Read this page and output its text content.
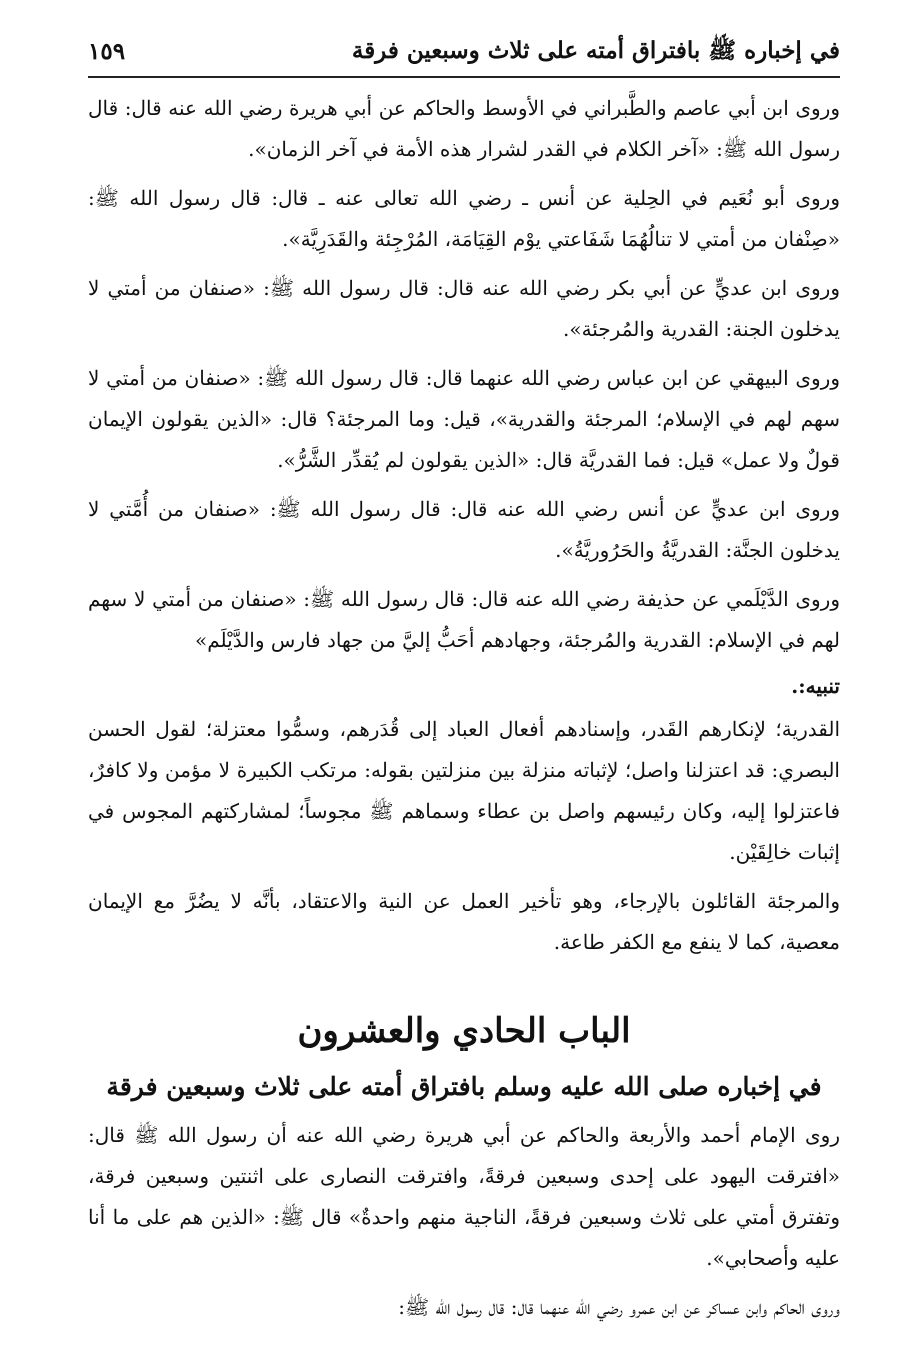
في إخباره ﷺ بافتراق أمته على ثلاث وسبعين فرقة
١٥٩

وروى ابن أبي عاصم والطَّبراني في الأوسط والحاكم عن أبي هريرة رضي الله عنه قال: قال رسول الله ﷺ: «آخر الكلام في القدر لشرار هذه الأمة في آخر الزمان».

وروى أبو نُعَيم في الحِلية عن أنس ـ رضي الله تعالى عنه ـ قال: قال رسول الله ﷺ: «صِنْفان من أمتي لا تنالُهُمَا شَفَاعتي يوْم القِيَامَة، المُرْجِئة والقَدَرِيَّة».

وروى ابن عديٍّ عن أبي بكر رضي الله عنه قال: قال رسول الله ﷺ: «صنفان من أمتي لا يدخلون الجنة: القدرية والمُرجئة».

وروى البيهقي عن ابن عباس رضي الله عنهما قال: قال رسول الله ﷺ: «صنفان من أمتي لا سهم لهم في الإسلام؛ المرجئة والقدرية»، قيل: وما المرجئة؟ قال: «الذين يقولون الإيمان قولٌ ولا عمل» قيل: فما القدريَّة قال: «الذين يقولون لم يُقدِّر الشَّرُّ».

وروى ابن عديٍّ عن أنس رضي الله عنه قال: قال رسول الله ﷺ: «صنفان من أُمَّتي لا يدخلون الجنَّة: القدريَّةُ والحَرُوريَّةُ».

وروى الدَّيْلَمي عن حذيفة رضي الله عنه قال: قال رسول الله ﷺ: «صنفان من أمتي لا سهم لهم في الإسلام: القدرية والمُرجئة، وجهادهم أحَبُّ إليَّ من جهاد فارس والدَّيْلَم»

تنبيه:.

القدرية؛ لإنكارهم القَدر، وإسنادهم أفعال العباد إلى قُدَرهم، وسمُّوا معتزلة؛ لقول الحسن البصري: قد اعتزلنا واصل؛ لإثباته منزلة بين منزلتين بقوله: مرتكب الكبيرة لا مؤمن ولا كافرٌ، فاعتزلوا إليه، وكان رئيسهم واصل بن عطاء وسماهم ﷺ مجوساً؛ لمشاركتهم المجوس في إثبات خالِقَيْن.

والمرجئة القائلون بالإرجاء، وهو تأخير العمل عن النية والاعتقاد، بأنَّه لا يضُرَّ مع الإيمان معصية، كما لا ينفع مع الكفر طاعة.

الباب الحادي والعشرون
في إخباره صلى الله عليه وسلم بافتراق أمته على ثلاث وسبعين فرقة

روى الإمام أحمد والأربعة والحاكم عن أبي هريرة رضي الله عنه أن رسول الله ﷺ قال: «افترقت اليهود على إحدى وسبعين فرقةً، وافترقت النصارى على اثنتين وسبعين فرقة، وتفترق أمتي على ثلاث وسبعين فرقةً، الناجية منهم واحدةٌ» قال ﷺ: «الذين هم على ما أنا عليه وأصحابي».

وروى الحاكم وابن عساكر عن ابن عمرو رضي الله عنهما قال: قال رسول الله ﷺ:
